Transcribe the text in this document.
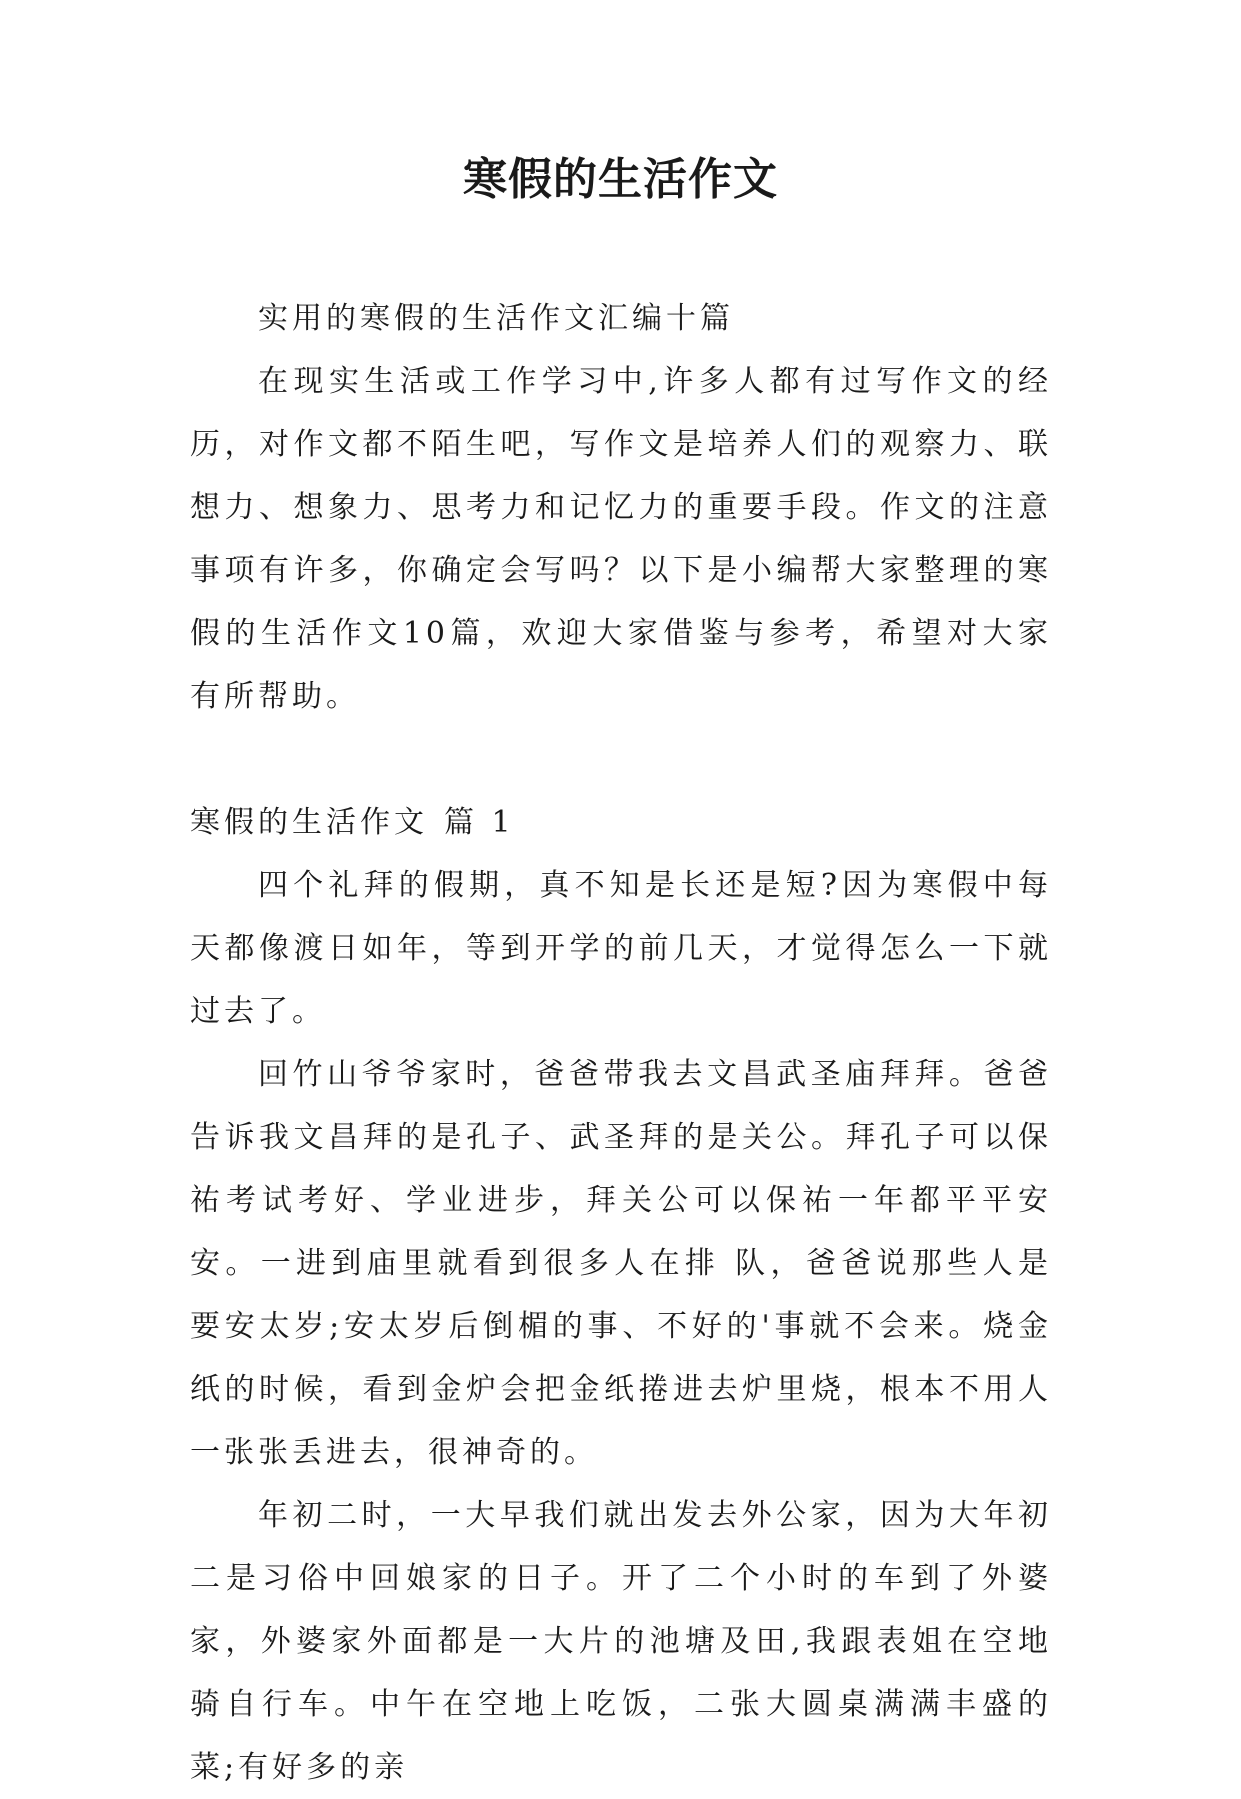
寒假的生活作文

实用的寒假的生活作文汇编十篇

在现实生活或工作学习中,许多人都有过写作文的经历，对作文都不陌生吧，写作文是培养人们的观察力、联想力、想象力、思考力和记忆力的重要手段。作文的注意事项有许多，你确定会写吗？以下是小编帮大家整理的寒假的生活作文10篇，欢迎大家借鉴与参考，希望对大家有所帮助。

寒假的生活作文 篇 1

四个礼拜的假期，真不知是长还是短?因为寒假中每天都像渡日如年，等到开学的前几天，才觉得怎么一下就过去了。

回竹山爷爷家时，爸爸带我去文昌武圣庙拜拜。爸爸告诉我文昌拜的是孔子、武圣拜的是关公。拜孔子可以保祐考试考好、学业进步，拜关公可以保祐一年都平平安安。一进到庙里就看到很多人在排 队，爸爸说那些人是要安太岁;安太岁后倒楣的事、不好的'事就不会来。烧金纸的时候，看到金炉会把金纸捲进去炉里烧，根本不用人一张张丢进去，很神奇的。

年初二时，一大早我们就出发去外公家，因为大年初二是习俗中回娘家的日子。开了二个小时的车到了外婆家，外婆家外面都是一大片的池塘及田,我跟表姐在空地骑自行车。中午在空地上吃饭，二张大圆桌满满丰盛的菜;有好多的亲
